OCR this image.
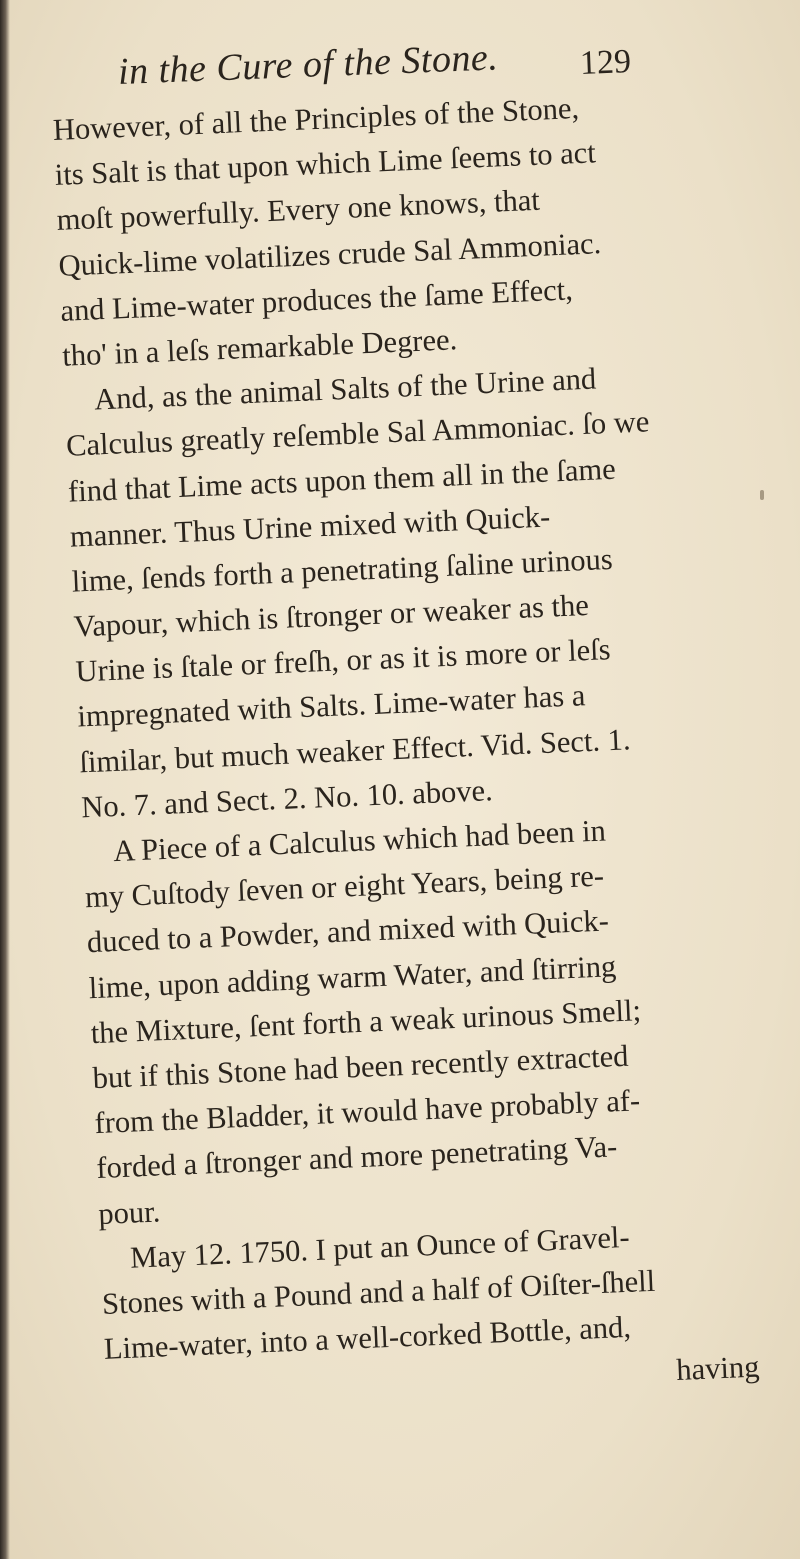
in the Cure of the Stone. 129
However, of all the Principles of the Stone,
its Salt is that upon which Lime ſeems to act
moſt powerfully. Every one knows, that
Quick-lime volatilizes crude Sal Ammoniac.
and Lime-water produces the ſame Effect,
tho' in a leſs remarkable Degree.
And, as the animal Salts of the Urine and
Calculus greatly reſemble Sal Ammoniac. ſo we
find that Lime acts upon them all in the ſame
manner. Thus Urine mixed with Quick-
lime, ſends forth a penetrating ſaline urinous
Vapour, which is ſtronger or weaker as the
Urine is ſtale or freſh, or as it is more or leſs
impregnated with Salts. Lime-water has a
ſimilar, but much weaker Effect. Vid. Sect. 1.
No. 7. and Sect. 2. No. 10. above.
A Piece of a Calculus which had been in
my Cuſtody ſeven or eight Years, being re-
duced to a Powder, and mixed with Quick-
lime, upon adding warm Water, and ſtirring
the Mixture, ſent forth a weak urinous Smell;
but if this Stone had been recently extracted
from the Bladder, it would have probably af-
forded a ſtronger and more penetrating Va-
pour.
May 12. 1750. I put an Ounce of Gravel-
Stones with a Pound and a half of Oiſter-ſhell
Lime-water, into a well-corked Bottle, and,
having
